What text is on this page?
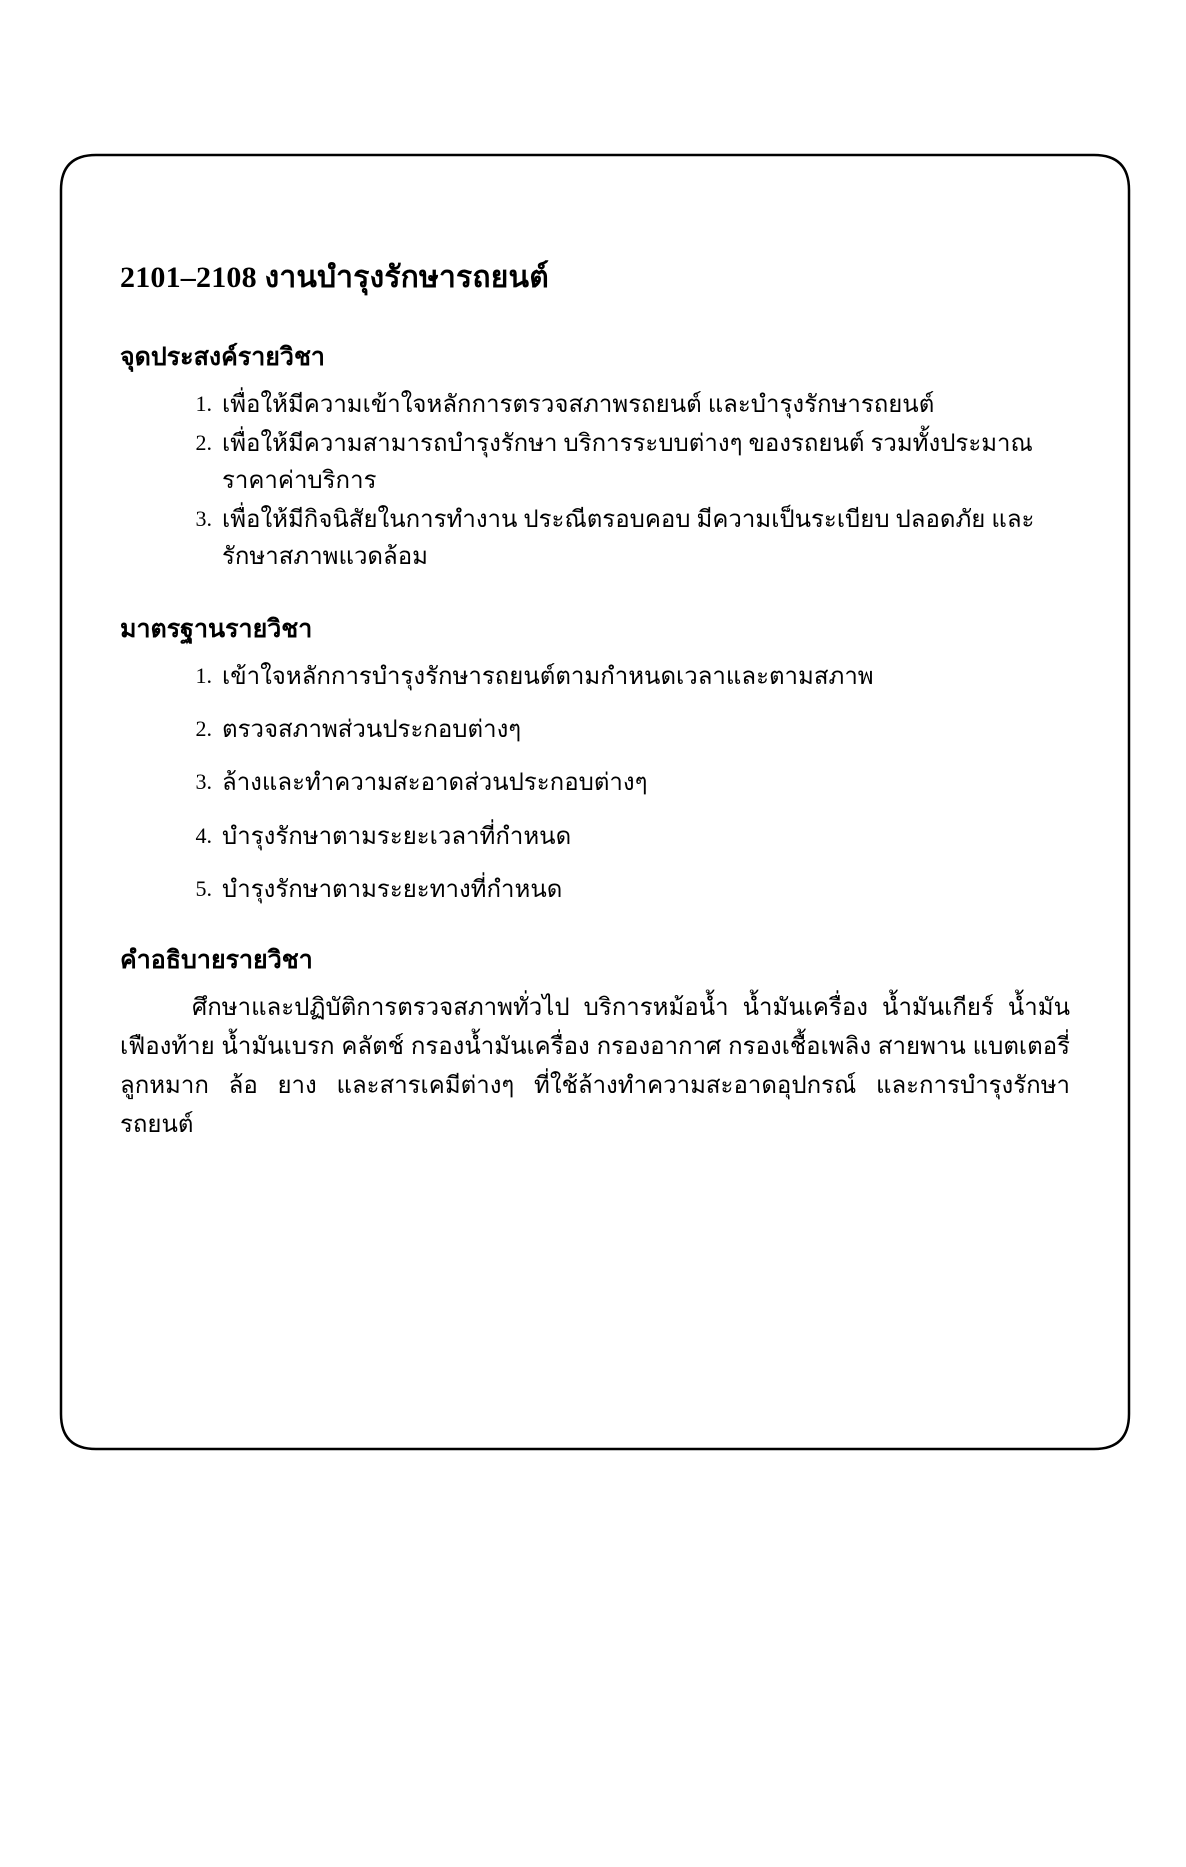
2101–2108 งานบำรุงรักษารถยนต์
จุดประสงค์รายวิชา
เพื่อให้มีความเข้าใจหลักการตรวจสภาพรถยนต์ และบำรุงรักษารถยนต์
เพื่อให้มีความสามารถบำรุงรักษา บริการระบบต่างๆ ของรถยนต์ รวมทั้งประมาณราคาค่าบริการ
เพื่อให้มีกิจนิสัยในการทำงาน ประณีตรอบคอบ มีความเป็นระเบียบ ปลอดภัย และรักษาสภาพแวดล้อม
มาตรฐานรายวิชา
เข้าใจหลักการบำรุงรักษารถยนต์ตามกำหนดเวลาและตามสภาพ
ตรวจสภาพส่วนประกอบต่างๆ
ล้างและทำความสะอาดส่วนประกอบต่างๆ
บำรุงรักษาตามระยะเวลาที่กำหนด
บำรุงรักษาตามระยะทางที่กำหนด
คำอธิบายรายวิชา

ศึกษาและปฏิบัติการตรวจสภาพทั่วไป บริการหม้อน้ำ น้ำมันเครื่อง น้ำมันเกียร์ น้ำมันเฟืองท้าย น้ำมันเบรก คลัตช์ กรองน้ำมันเครื่อง กรองอากาศ กรองเชื้อเพลิง สายพาน แบตเตอรี่ ลูกหมาก ล้อ ยาง และสารเคมีต่างๆ ที่ใช้ล้างทำความสะอาดอุปกรณ์ และการบำรุงรักษารถยนต์
